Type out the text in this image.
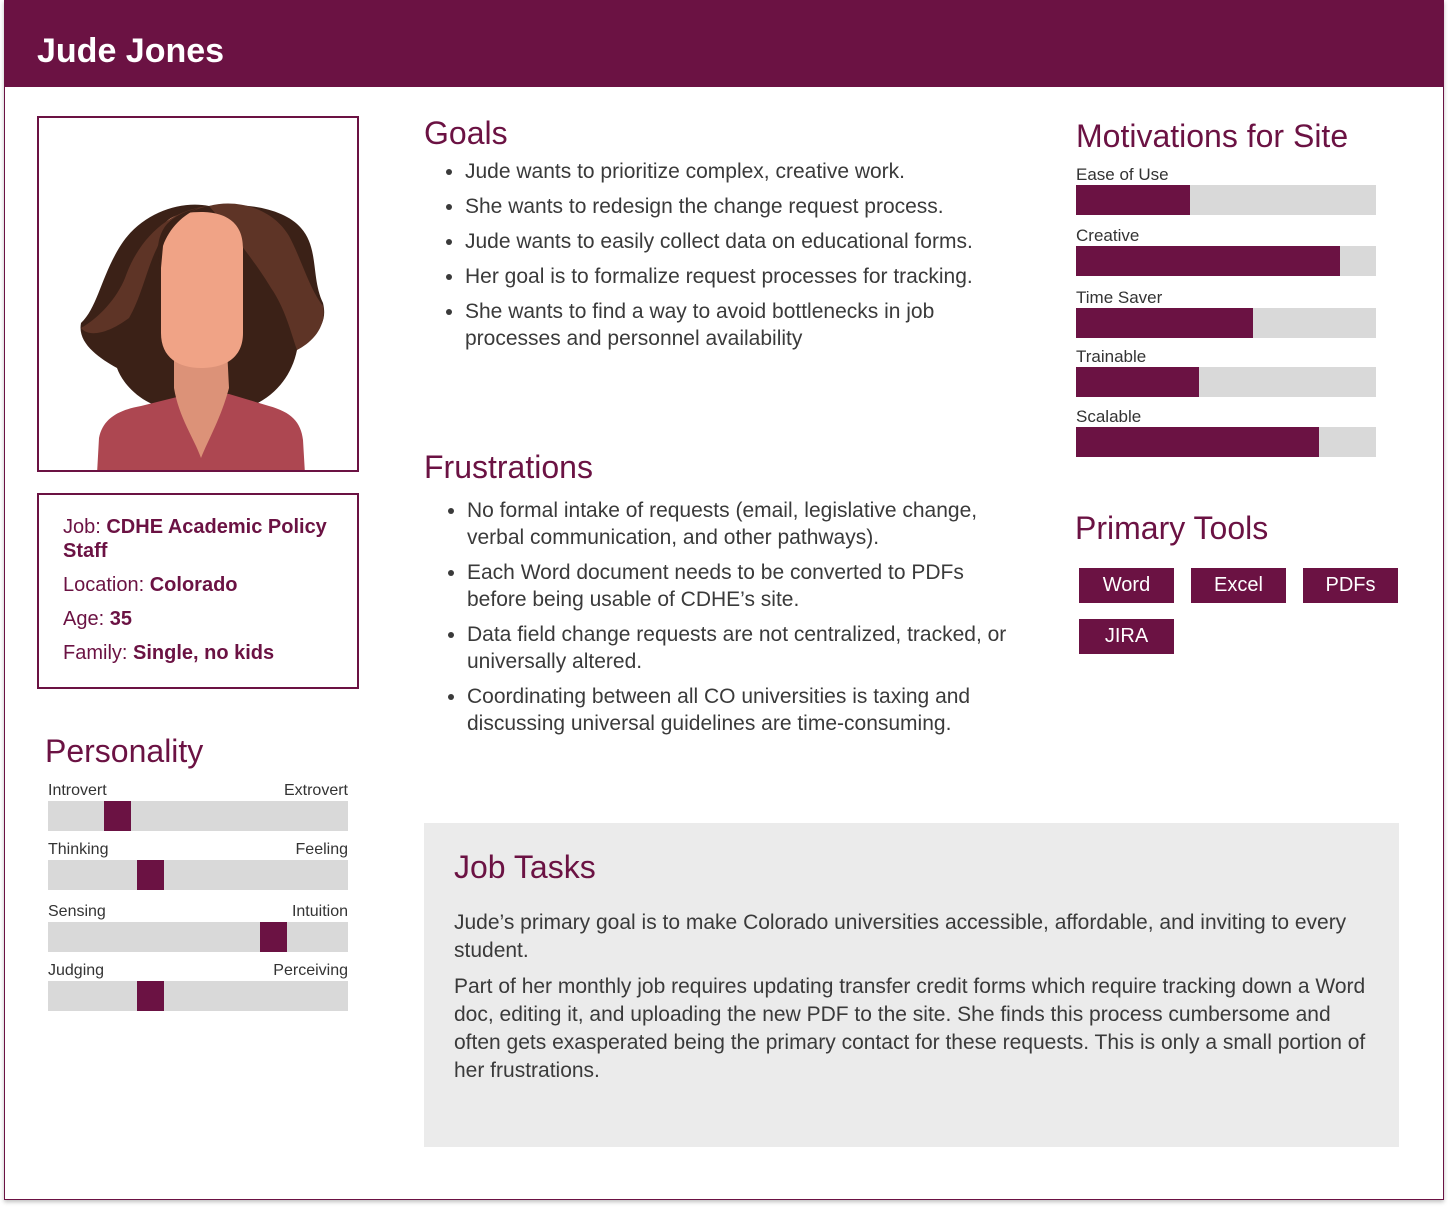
Jude Jones
Job: CDHE Academic Policy Staff
Location: Colorado
Age: 35
Family: Single, no kids
Personality
Introvert	Extrovert
Thinking	Feeling
Sensing	Intuition
Judging	Perceiving
Goals
• Jude wants to prioritize complex, creative work.
• She wants to redesign the change request process.
• Jude wants to easily collect data on educational forms.
• Her goal is to formalize request processes for tracking.
• She wants to find a way to avoid bottlenecks in job processes and personnel availability
Frustrations
• No formal intake of requests (email, legislative change, verbal communication, and other pathways).
• Each Word document needs to be converted to PDFs before being usable of CDHE’s site.
• Data field change requests are not centralized, tracked, or universally altered.
• Coordinating between all CO universities is taxing and discussing universal guidelines are time-consuming.
Job Tasks

Jude’s primary goal is to make Colorado universities accessible, affordable, and inviting to every student.

Part of her monthly job requires updating transfer credit forms which require tracking down a Word doc, editing it, and uploading the new PDF to the site. She finds this process cumbersome and often gets exasperated being the primary contact for these requests. This is only a small portion of her frustrations.

Motivations for Site
Ease of Use
Creative
Time Saver
Trainable
Scalable
Primary Tools
Word	Excel	PDFs
JIRA
